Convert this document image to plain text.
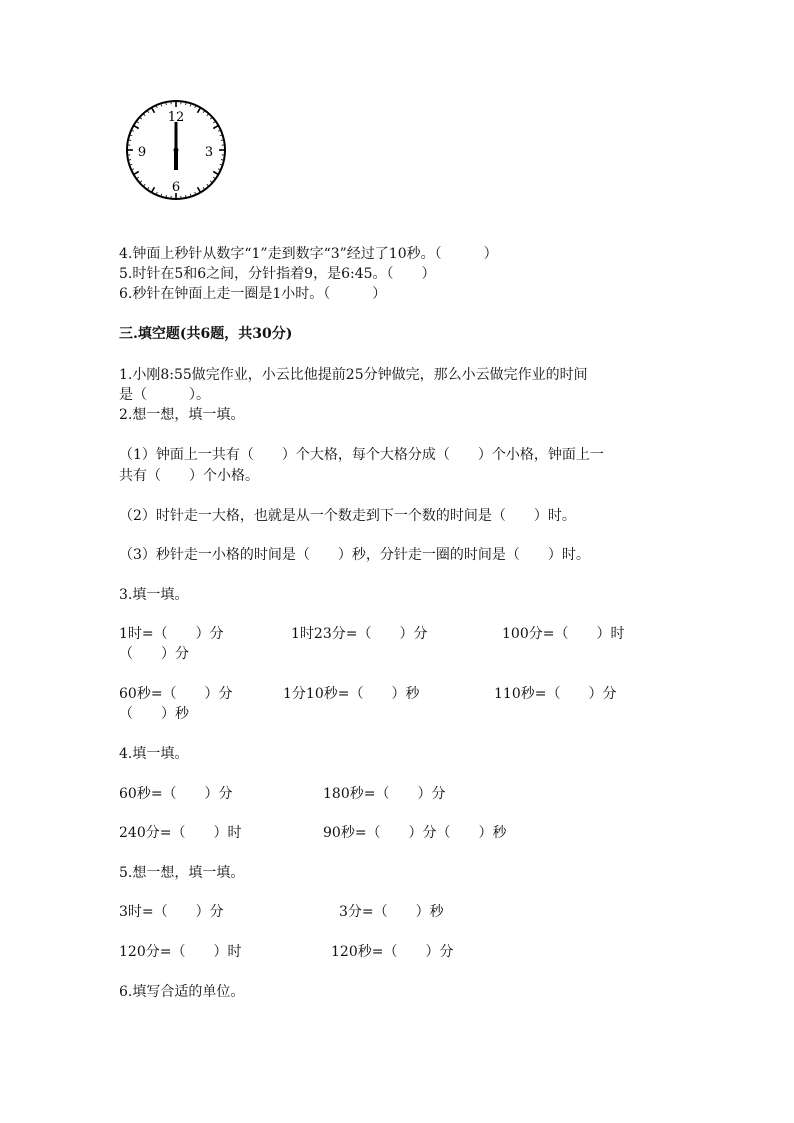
12
3
6
9

4.钟面上秒针从数字“1”走到数字“3”经过了10秒。（　　　）

5.时针在5和6之间，分针指着9，是6:45。（　　）

6.秒针在钟面上走一圈是1小时。（　　　）

三.填空题(共6题，共30分)

1.小刚8:55做完作业，小云比他提前25分钟做完，那么小云做完作业的时间

是（　　　）。

2.想一想，填一填。

（1）钟面上一共有（　　）个大格，每个大格分成（　　）个小格，钟面上一

共有（　　）个小格。

（2）时针走一大格，也就是从一个数走到下一个数的时间是（　　）时。

（3）秒针走一小格的时间是（　　）秒，分针走一圈的时间是（　　）时。

3.填一填。

1时=（　　）分	1时23分=（　　）分	100分=（　　）时

（　　）分

60秒=（　　）分	1分10秒=（　　）秒	110秒=（　　）分

（　　）秒

4.填一填。

60秒=（　　）分	180秒=（　　）分

240分=（　　）时	90秒=（　　）分（　　）秒

5.想一想，填一填。

3时=（　　）分	3分=（　　）秒

120分=（　　）时	120秒=（　　）分

6.填写合适的单位。
